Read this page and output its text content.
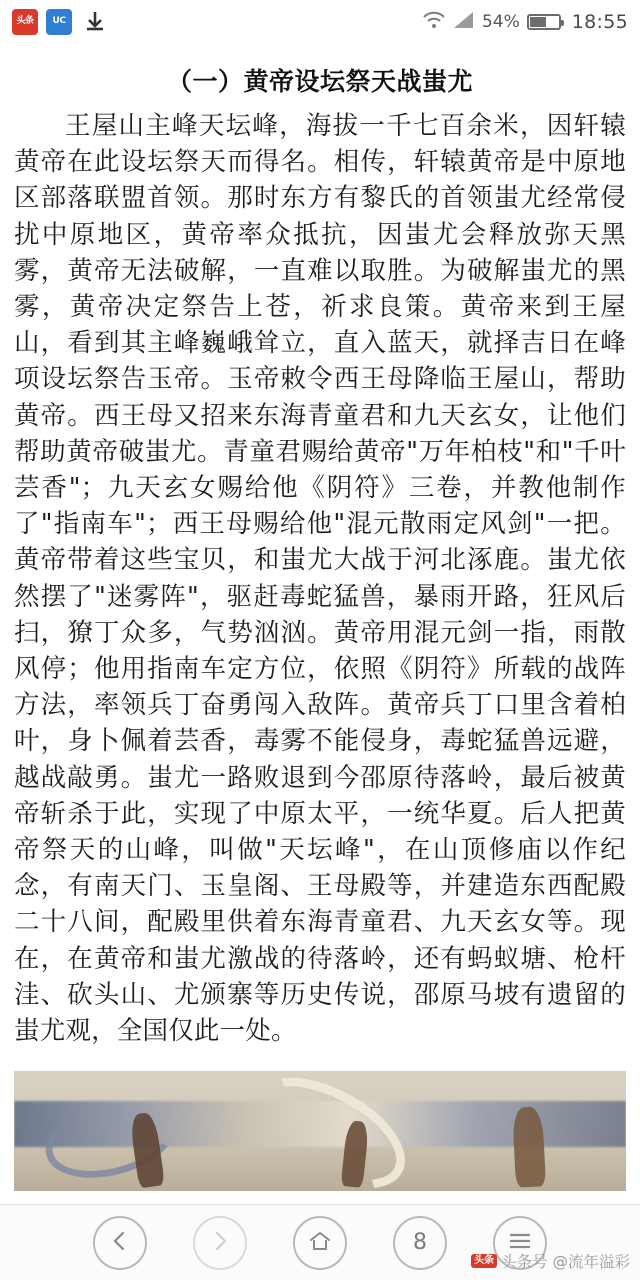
头条	UC	54%	18:55
（一）黄帝设坛祭天战蚩尤

王屋山主峰天坛峰，海拔一千七百余米，因轩辕黄帝在此设坛祭天而得名。相传，轩辕黄帝是中原地区部落联盟首领。那时东方有黎氏的首领蚩尤经常侵扰中原地区，黄帝率众抵抗，因蚩尤会释放弥天黑雾，黄帝无法破解，一直难以取胜。为破解蚩尤的黑雾，黄帝决定祭告上苍，祈求良策。黄帝来到王屋山，看到其主峰巍峨耸立，直入蓝天，就择吉日在峰项设坛祭告玉帝。玉帝敕令西王母降临王屋山，帮助黄帝。西王母又招来东海青童君和九天玄女，让他们帮助黄帝破蚩尤。青童君赐给黄帝"万年柏枝"和"千叶芸香"；九天玄女赐给他《阴符》三卷，并教他制作了"指南车"；西王母赐给他"混元散雨定风剑"一把。黄帝带着这些宝贝，和蚩尤大战于河北涿鹿。蚩尤依然摆了"迷雾阵"，驱赶毒蛇猛兽，暴雨开路，狂风后扫，獠丁众多，气势汹汹。黄帝用混元剑一指，雨散风停；他用指南车定方位，依照《阴符》所载的战阵方法，率领兵丁奋勇闯入敌阵。黄帝兵丁口里含着柏叶，身卜佩着芸香，毒雾不能侵身，毒蛇猛兽远避，越战敲勇。蚩尤一路败退到今邵原待落岭，最后被黄帝斩杀于此，实现了中原太平，一统华夏。后人把黄帝祭天的山峰，叫做"天坛峰"，在山顶修庙以作纪念，有南天门、玉皇阁、王母殿等，并建造东西配殿二十八间，配殿里供着东海青童君、九天玄女等。现在，在黄帝和蚩尤激战的待落岭，还有蚂蚁塘、枪杆洼、砍头山、尤颁寨等历史传说，邵原马坡有遗留的蚩尤观，全国仅此一处。

8
头条 头条号 @流年溢彩
